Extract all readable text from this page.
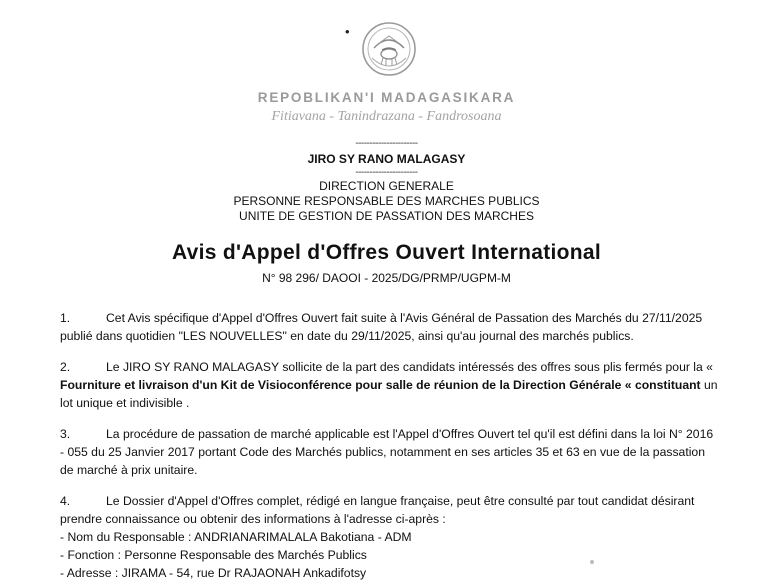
•
REPOBLIKAN'I MADAGASIKARA
Fitiavana - Tanindrazana - Fandrosoana
----------------------
JIRO SY RANO MALAGASY
----------------------
DIRECTION GENERALE
PERSONNE RESPONSABLE DES MARCHES PUBLICS
UNITE DE GESTION DE PASSATION DES MARCHES
Avis d'Appel d'Offres Ouvert International
N° 98 296/ DAOOI - 2025/DG/PRMP/UGPM-M
1.	Cet Avis spécifique d'Appel d'Offres Ouvert fait suite à l'Avis Général de Passation des Marchés du 27/11/2025
publié dans quotidien "LES NOUVELLES" en date du 29/11/2025, ainsi qu'au journal des marchés publics.
2.	Le JIRO SY RANO MALAGASY sollicite de la part des candidats intéressés des offres sous plis fermés pour la «
Fourniture et livraison d'un Kit de Visioconférence pour salle de réunion de la Direction Générale « constituant un
lot unique et indivisible .
3.	La procédure de passation de marché applicable est l'Appel d'Offres Ouvert tel qu'il est défini dans la loi N° 2016
- 055 du 25 Janvier 2017 portant Code des Marchés publics, notamment en ses articles 35 et 63 en vue de la passation
de marché à prix unitaire.
4.	Le Dossier d'Appel d'Offres complet, rédigé en langue française, peut être consulté par tout candidat désirant
prendre connaissance ou obtenir des informations à l'adresse ci-après :
- Nom du Responsable : ANDRIANARIMALALA Bakotiana - ADM
- Fonction : Personne Responsable des Marchés Publics
- Adresse : JIRAMA - 54, rue Dr RAJAONAH Ankadifotsy
